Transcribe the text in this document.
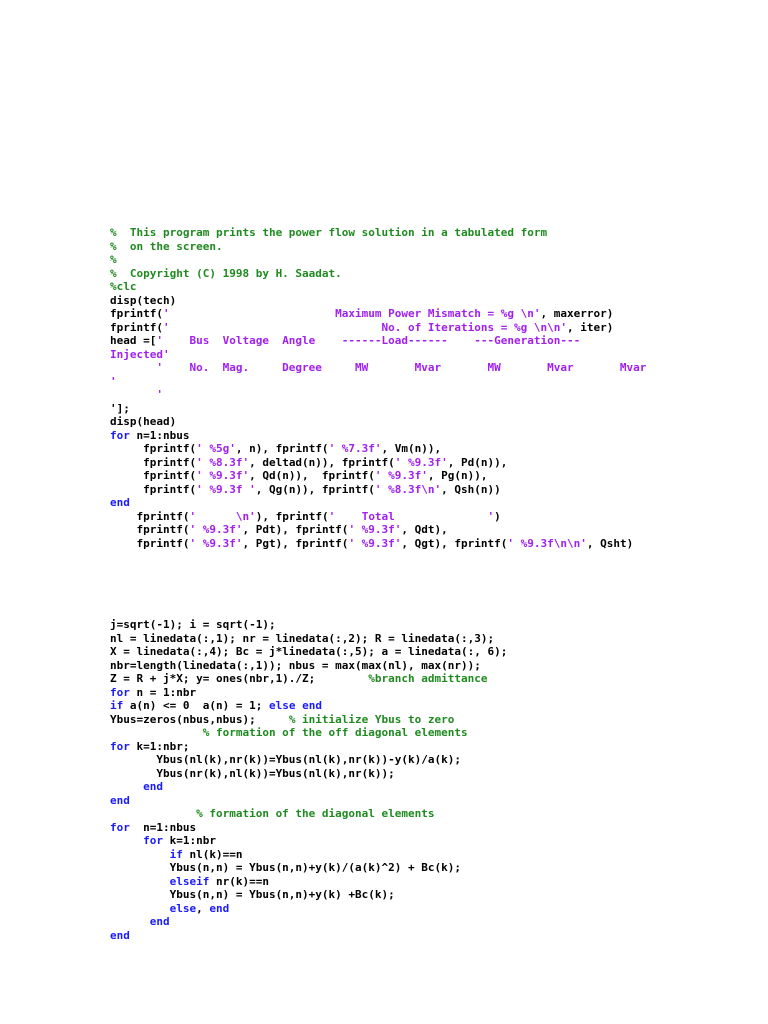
%  This program prints the power flow solution in a tabulated form
%  on the screen.
%
%  Copyright (C) 1998 by H. Saadat.
%clc
disp(tech)
fprintf('                         Maximum Power Mismatch = %g \n', maxerror)
fprintf('                                No. of Iterations = %g \n\n', iter)
head =['    Bus  Voltage  Angle    ------Load------    ---Generation---
Injected'
'    No.  Mag.     Degree     MW       Mvar       MW       Mvar       Mvar
'
'
'];
disp(head)
for n=1:nbus
fprintf(' %5g', n), fprintf(' %7.3f', Vm(n)),
fprintf(' %8.3f', deltad(n)), fprintf(' %9.3f', Pd(n)),
fprintf(' %9.3f', Qd(n)),  fprintf(' %9.3f', Pg(n)),
fprintf(' %9.3f ', Qg(n)), fprintf(' %8.3f\n', Qsh(n))
end
fprintf('      \n'), fprintf('    Total              ')
fprintf(' %9.3f', Pdt), fprintf(' %9.3f', Qdt),
fprintf(' %9.3f', Pgt), fprintf(' %9.3f', Qgt), fprintf(' %9.3f\n\n', Qsht)
j=sqrt(-1); i = sqrt(-1);
nl = linedata(:,1); nr = linedata(:,2); R = linedata(:,3);
X = linedata(:,4); Bc = j*linedata(:,5); a = linedata(:, 6);
nbr=length(linedata(:,1)); nbus = max(max(nl), max(nr));
Z = R + j*X; y= ones(nbr,1)./Z;        %branch admittance
for n = 1:nbr
if a(n) <= 0  a(n) = 1; else end
Ybus=zeros(nbus,nbus);     % initialize Ybus to zero
% formation of the off diagonal elements
for k=1:nbr;
Ybus(nl(k),nr(k))=Ybus(nl(k),nr(k))-y(k)/a(k);
Ybus(nr(k),nl(k))=Ybus(nl(k),nr(k));
end
end
% formation of the diagonal elements
for  n=1:nbus
for k=1:nbr
if nl(k)==n
Ybus(n,n) = Ybus(n,n)+y(k)/(a(k)^2) + Bc(k);
elseif nr(k)==n
Ybus(n,n) = Ybus(n,n)+y(k) +Bc(k);
else, end
end
end
